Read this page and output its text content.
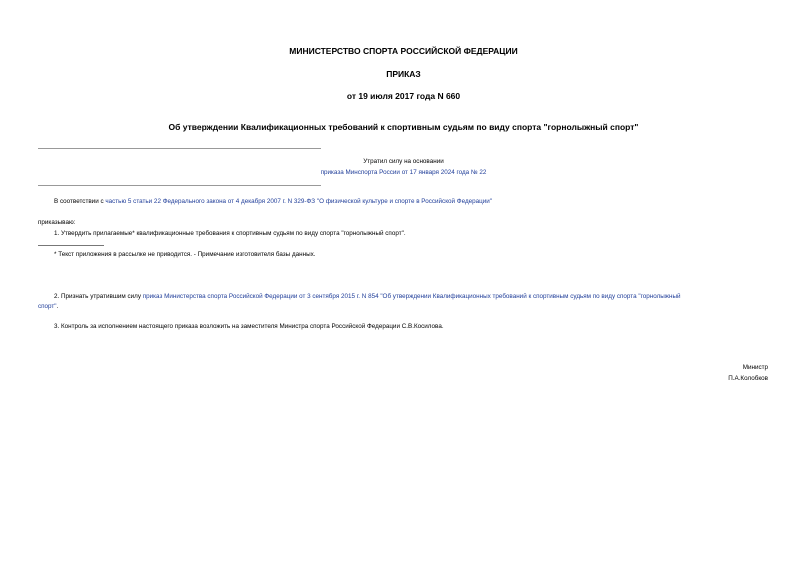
МИНИСТЕРСТВО СПОРТА РОССИЙСКОЙ ФЕДЕРАЦИИ
ПРИКАЗ
от 19 июля 2017 года N 660
Об утверждении Квалификационных требований к спортивным судьям по виду спорта "горнолыжный спорт"
Утратил силу на основании
приказа Минспорта России от 17 января 2024 года № 22
В соответствии с частью 5 статьи 22 Федерального закона от 4 декабря 2007 г. N 329-ФЗ "О физической культуре и спорте в Российской Федерации"
приказываю:
1. Утвердить прилагаемые* квалификационные требования к спортивным судьям по виду спорта "горнолыжный спорт".
* Текст приложения в рассылке не приводится. - Примечание изготовителя базы данных.
2. Признать утратившим силу приказ Министерства спорта Российской Федерации от 3 сентября 2015 г. N 854 "Об утверждении Квалификационных требований к спортивным судьям по виду спорта "горнолыжный
спорт".
3. Контроль за исполнением настоящего приказа возложить на заместителя Министра спорта Российской Федерации С.В.Косилова.
Министр
П.А.Колобков
